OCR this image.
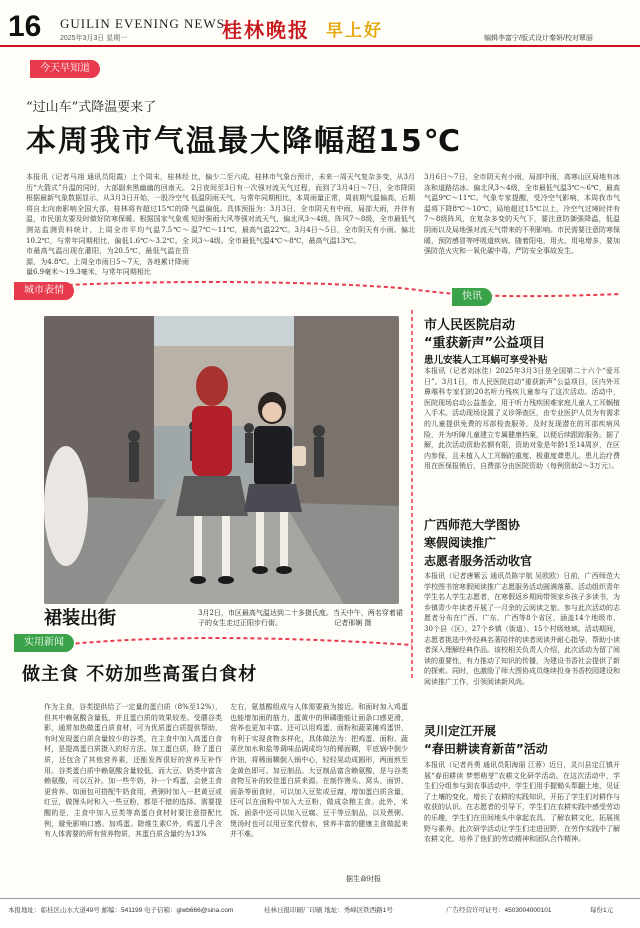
16 GUILIN EVENING NEWS
2025年3月3日 星期一	桂林晚报 早上好	编辑李富宁/版式设计秦妍/校对覃丽
今天早知道
“过山车”式降温要来了
本周我市气温最大降幅超15℃
本报讯（记者马翊 通讯员阳霞）上个周末，桂林经历“大箭式”升温的同时，大部副来黑幽幽的回南天。根据最新气象数据显示，从3月3日开始，一股冷空气将自北向南影响全国大部，桂林将有超过15℃的降温，市民朋友要及时做好防寒保暖。根据国家气象观测站监测资料统计，上周全市平均气温7.5℃～10.2℃，与常年同期相比，偏低1.6℃～3.2℃。全市最高气温出现在灌阳，为20.5℃，最低气温在资源，为4.8℃。上周全市雨日5～7天，各地累计降雨量6.9毫米～19.3毫米，与常年同期相比
比，偏少二至六成。桂林市气象台预计，未来一周天气复杂多变，从3月2日夜间至3日有一次强对流天气过程，而到了3月4日～7日，全市降阴低温阴雨天气，与常年同期相比，本周雨量正常，周前期气温偏高，后期气温偏低。具体预报为：3月3日，全市阴天有中雨，局部大雨，并伴有短时强雨大风等强对流天气，偏北风3～4级，阵风7～8级，全市最低气温7℃～11℃，最高气温22℃。3月4日～5日，全市阴天有小雨。偏北风3～4级。全市最低气温4℃～8℃，最高气温13℃。
3月6日～7日，全市阴天有小雨，局部中雨，高寒山区局地有冰冻和道路结冰。偏北风3～4级，全市最低气温3℃～6℃，最高气温9℃～11℃。气象专家提醒，受冷空气影响，本周我市气温将下降8℃～10℃，局地超过15℃以上，冷空气过境时伴有7～8级阵风，在复杂多变的天气下，要注意防御强降温，低温阴雨以及局地强对流天气带来的不利影响。市民需要注意防寒保暖，预防感冒等呼吸道疾病。随着阳电，用火、用电增多，要加强防范火灾和一氧化碳中毒，严防安全事故发生。
城市表情
裙装出街	3月2日，市区最高气温达到二十多摄氏度。当天中午，两名穿着裙子的女生走过正阳步行街。	记者邢娴 摄
快讯
市人民医院启动
“重获新声”公益项目
患儿安装人工耳蜗可享受补贴
本报讯（记者刘冰佳）2025年3月3日是全国第二十六个“爱耳日”。3月1日，市人民医院启动“重获新声”公益项目，区内外耳鼻喉科专家们的20名听力残疾儿童参与了这次活动。活动中，医院现场启动公益基金，用于听力残疾困难家庭儿童人工耳蜗植入手术。活动现场设置了义诊筛查区，由专业医护人员为有需求的儿童提供免费的耳部检查服务，及时发现潜在的耳部疾病风险，并为听障儿童建立专属健康档案，以便后续跟踪服务。据了解，此次活动资助名额有限，资助对象是年龄1至14周岁，在区内参保，且未植入人工耳蜗的重度、极重度聋患儿。患儿治疗费用在医保报销后，自费部分由医院资助（每例资助2～3万元）。
广西师范大学图协
寒假阅读推广
志愿者服务活动收官
本报讯（记者唐紫云 通讯员陈宇航 吴欧欧）日前，广西师范大学校图书馆寒假阅读推广志愿服务活动圆满落幕。活动组织青年学生名人学生志愿者，在寒假返乡期间带领家乡孩子多读书，为乡镇青少年读者开展了一月余的云阅读之旅。参与此次活动的志愿者分布在广西、广东、广西等8个省区，涵盖14个地级市、30个县（区），27个乡镇（街道）、15个村级地域。活动期间，志愿者挑选中外经典名著陪伴的读者阅读并耐心指导，帮助小读者深入理解经典作品。该校相关负责人介绍，此次活动为留了阅读的重要性，有力推动了知识的传播，为建设书香社会提供了新的探索。同时，也激励了师大图协成员继续投身书香校园建设和阅读推广工作，引领阅读新风尚。
灵川定江开展
“春田耕读育新苗”活动
本报讯（记者肖勇 通讯员阳海丽 江蓉）近日，灵川县定江镇开展“春田耕读 梦想萌芽”农耕文化研学活动。在这次活动中，学生们分组参与到农事活动中，学生们用手握锄头犁翻土地，见证了土壤的变化，增长了农耕的实践知识，开拓了学生们对耕作与收获的认识。在志愿者的引导下，学生们在农耕实践中感受劳动的乐趣，学生们在田间地头中拿起农具，了解农耕文化，拓展视野与素养。此次研学活动让学生们走进田野，在劳作实践中了解农耕文化，培养了他们的劳动精神和团队合作精神。
实用新闻
做主食 不妨加些高蛋白食材
作为主食，谷类提供给了一定量的蛋白质（8%至12%），但其中赖氨酸含量低，并且蛋白质的效果较差。受蘑谷类影，通常加热做蛋白质食材，可为优质蛋白质提供帮助，有时发现蛋白质含量较少的谷类，在主食中加入高蛋白食材，是提高蛋白质摄入的好方法。加工蛋白质，除了蛋白质，还包含了其他营养素，还能发挥很好的营养互补作用。谷类蛋白质中赖氨酸含量较低，而大豆、奶类中富含赖氨酸，可以互补。加一些牛奶，补一个鸡蛋，会使主食更营养。如面包可搭配牛奶食用，煮粥时加入一把黄豆或红豆，做馒头时和入一些豆粉，都是不错的选择。需要提醒的是，主食中加入豆类等高蛋白食材时要注意搭配比例，避免影响口感。加鸡蛋。除维生素C外，鸡蛋几乎含有人体需要的所有营养物质，其蛋白质含量约为13%
左右，氨基酸组成与人体需要最为接近。和面时加入鸡蛋也能增加面的筋力，蛋黄中的卵磷脂能让面条口感更滑，营养也更加丰富。还可以用鸡蛋、面粉和蔬菜摊鸡蛋饼，有利于实现食物多样化，具体做法为：把鸡蛋、面粉、蔬菜丝加水和盐等调味品调成均匀的稀面糊，平底锅中倒少许油，将稀面糊倒入锅中心，轻轻晃动成圆形，两面煎至金黄色即可。加豆制品。大豆制品富含赖氨酸，是与谷类食物互补的较佳蛋白质来源。在制作馒头、窝头、面饼、面条等面食时，可以加入豆浆或豆腐，增加蛋白质含量，还可以在面粉中加入大豆粉，做成杂粮主食。此外，米饭、面条中还可以加入豆腐、豆干等豆制品，以及煮粥、煲汤时也可以用豆浆代替水，营养丰富的健康主食做起来并不难。
据生命时报
本报地址：临桂区山水大道49号 邮编：541199 电子信箱：glwb666@sina.com	桂林日报印刷厂印刷 地址：秀峰区铁西路1号	广告经营许可证号：4503004000101	每份1元
